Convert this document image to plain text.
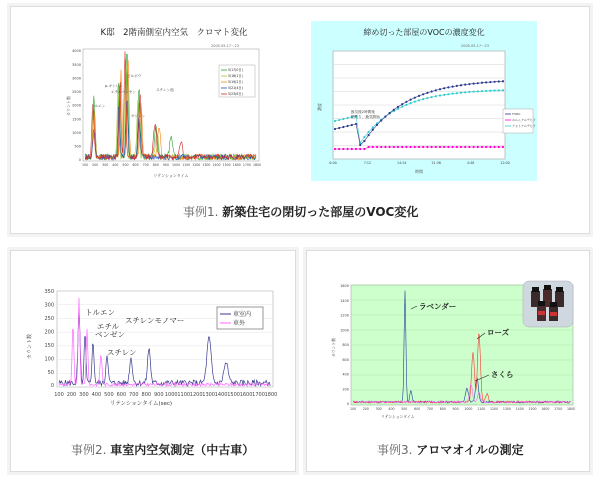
K邸　2階南側室内空気　クロマト変化
2005.05.17～23
4000
3500
3000
2500
2000
1500
1000
500
0
100 200 300 400 500 600 700 800 900 1000 1100 1200 1300 1400 1500 1600 1700 1800
カウント数
リテンションタイム
トルエン
エチルベンゼン
キシレン
p-キシレン
ビルボウ
スチレン他
5/17(0日)
5/18(1日)
5/19(2日)
5/21(4日)
5/23(6日)
締め切った部屋のVOCの濃度変化
2005.05.17～23
0:00	7:12	14:24	21:36	4:48	12:00
時間
濃度
換気後2時間後
閉切り、換気開始
TVOC
ホルムアルデヒド
アセトアルデヒド
事例1. 新築住宅の閉切った部屋のVOC変化
350
300
250
200
150
100
50
0
100 200 300 400 500 600 700 800 900 1000 1100 1200 1300 1400 1500 1600 1700 1800
カウント数
リテンションタイム(sec)
トルエン
エチル
ベンゼン
スチレン
スチレンモノマー
車室内
車外
事例2. 車室内空気測定（中古車）
1600
1400
1200
1000
800
600
400
200
0
100 200 300 400 500 600 700 800 900 1000 1100 1200 1300 1400 1500 1600 1700 1800
カウント数
リテンションタイム
ラベンダー
ローズ
さくら
事例3. アロマオイルの測定
